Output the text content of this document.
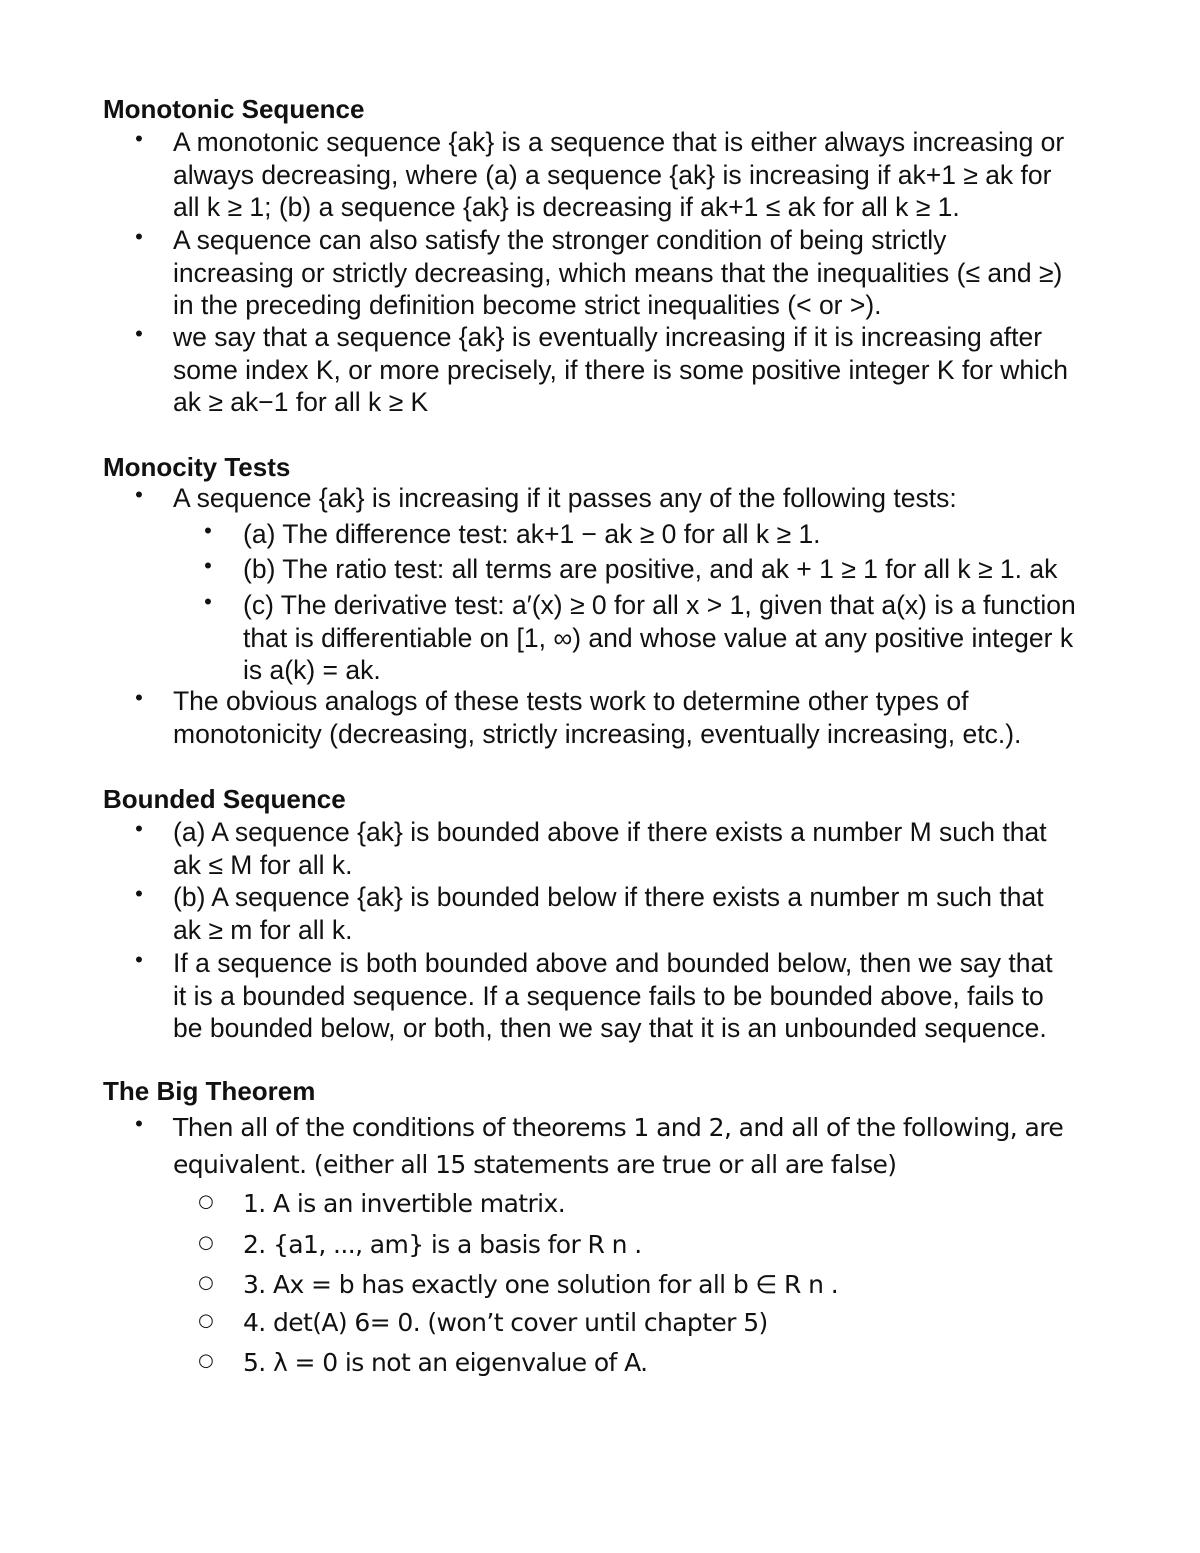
Monotonic Sequence
• A monotonic sequence {ak} is a sequence that is either always increasing or
always decreasing, where (a) a sequence {ak} is increasing if ak+1 ≥ ak for
all k ≥ 1; (b) a sequence {ak} is decreasing if ak+1 ≤ ak for all k ≥ 1.
• A sequence can also satisfy the stronger condition of being strictly
increasing or strictly decreasing, which means that the inequalities (≤ and ≥)
in the preceding definition become strict inequalities (< or >).
• we say that a sequence {ak} is eventually increasing if it is increasing after
some index K, or more precisely, if there is some positive integer K for which
ak ≥ ak−1 for all k ≥ K
Monocity Tests
• A sequence {ak} is increasing if it passes any of the following tests:
• (a) The difference test: ak+1 − ak ≥ 0 for all k ≥ 1.
• (b) The ratio test: all terms are positive, and ak + 1 ≥ 1 for all k ≥ 1. ak
• (c) The derivative test: a′(x) ≥ 0 for all x > 1, given that a(x) is a function
that is differentiable on [1, ∞) and whose value at any positive integer k
is a(k) = ak.
• The obvious analogs of these tests work to determine other types of
monotonicity (decreasing, strictly increasing, eventually increasing, etc.).
Bounded Sequence
• (a) A sequence {ak} is bounded above if there exists a number M such that
ak ≤ M for all k.
• (b) A sequence {ak} is bounded below if there exists a number m such that
ak ≥ m for all k.
• If a sequence is both bounded above and bounded below, then we say that
it is a bounded sequence. If a sequence fails to be bounded above, fails to
be bounded below, or both, then we say that it is an unbounded sequence.
The Big Theorem
• Then all of the conditions of theorems 1 and 2, and all of the following, are
equivalent. (either all 15 statements are true or all are false)
○ 1. A is an invertible matrix.
○ 2. {a1, ..., am} is a basis for R n .
○ 3. Ax = b has exactly one solution for all b ∈ R n .
○ 4. det(A) 6= 0. (won’t cover until chapter 5)
○ 5. λ = 0 is not an eigenvalue of A.
